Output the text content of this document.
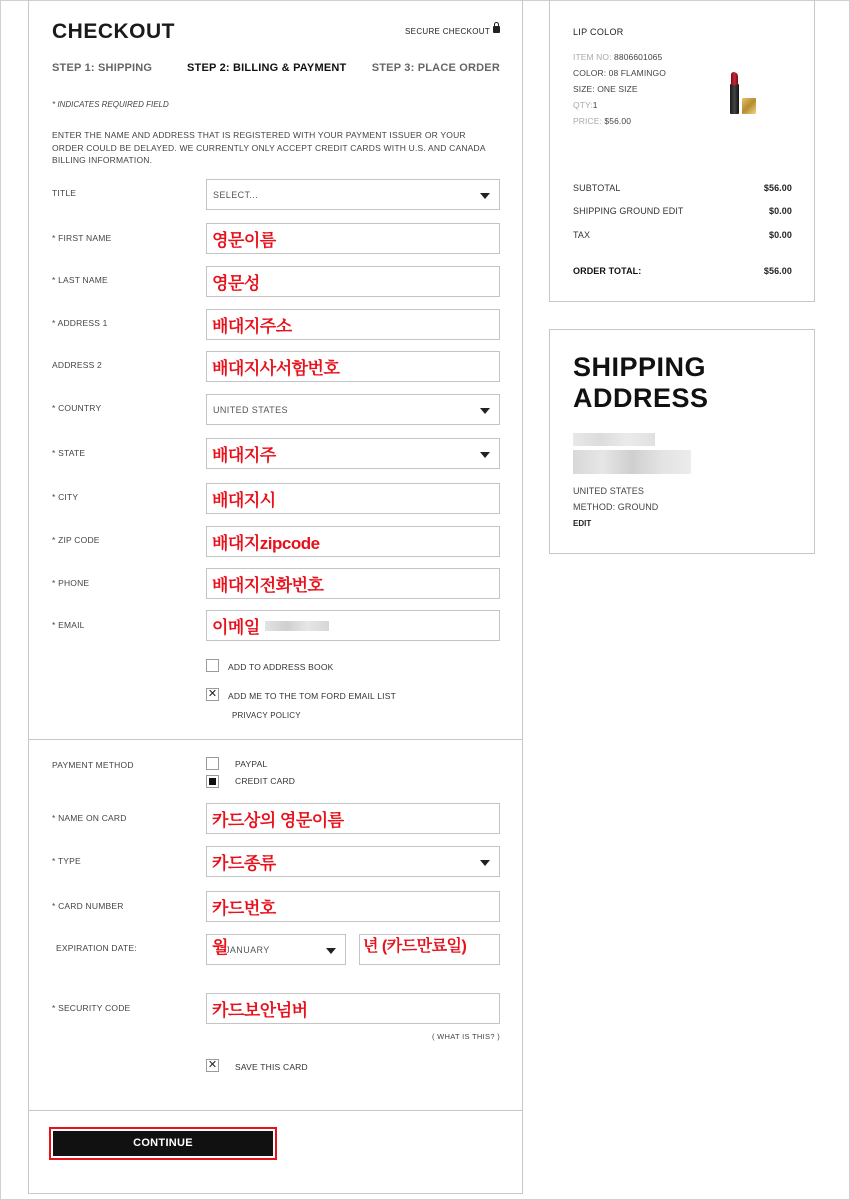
CHECKOUT	SECURE CHECKOUT
STEP 1: SHIPPING	STEP 2: BILLING & PAYMENT STEP 3: PLACE ORDER
* INDICATES REQUIRED FIELD
ENTER THE NAME AND ADDRESS THAT IS REGISTERED WITH YOUR PAYMENT ISSUER OR YOUR ORDER COULD BE DELAYED. WE CURRENTLY ONLY ACCEPT CREDIT CARDS WITH U.S. AND CANADA BILLING INFORMATION.
TITLE	SELECT...
* FIRST NAME	영문이름
* LAST NAME	영문성
* ADDRESS 1	배대지주소
ADDRESS 2	배대지사서함번호
* COUNTRY	UNITED STATES
* STATE	배대지주
* CITY	배대지시
* ZIP CODE	배대지zipcode
* PHONE	배대지전화번호
* EMAIL	이메일
ADD TO ADDRESS BOOK
✕ ADD ME TO THE TOM FORD EMAIL LIST
PRIVACY POLICY
PAYMENT METHOD	PAYPAL
CREDIT CARD
* NAME ON CARD	카드상의 영문이름
* TYPE	카드종류
* CARD NUMBER	카드번호
EXPIRATION DATE:	JANUARY
월	년 (카드만료일)
* SECURITY CODE	카드보안넘버
( WHAT IS THIS? )
✕ SAVE THIS CARD
CONTINUE
LIP COLOR
ITEM NO: 8806601065
COLOR: 08 FLAMINGO
SIZE: ONE SIZE
QTY:1
PRICE: $56.00
SUBTOTAL	$56.00
SHIPPING GROUND EDIT	$0.00
TAX	$0.00
ORDER TOTAL:	$56.00
SHIPPING
ADDRESS
UNITED STATES
METHOD: GROUND
EDIT
